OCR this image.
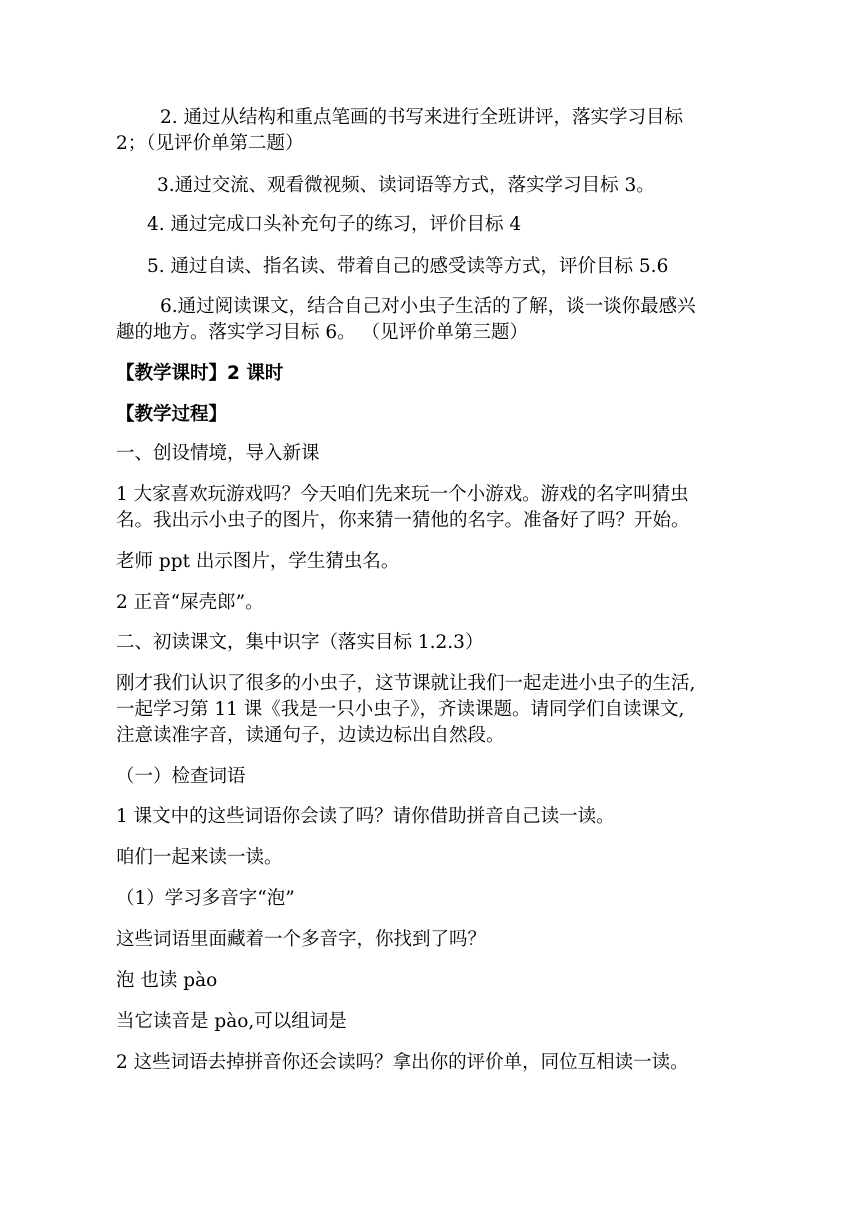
2. 通过从结构和重点笔画的书写来进行全班讲评，落实学习目标
2；（见评价单第二题）
3.通过交流、观看微视频、读词语等方式，落实学习目标 3。
4. 通过完成口头补充句子的练习，评价目标 4
5. 通过自读、指名读、带着自己的感受读等方式，评价目标 5.6
6.通过阅读课文，结合自己对小虫子生活的了解，谈一谈你最感兴
趣的地方。落实学习目标 6。 （见评价单第三题）
【教学课时】2 课时
【教学过程】
一、创设情境，导入新课
1 大家喜欢玩游戏吗？今天咱们先来玩一个小游戏。游戏的名字叫猜虫
名。我出示小虫子的图片，你来猜一猜他的名字。准备好了吗？开始。
老师 ppt 出示图片，学生猜虫名。
2 正音“屎壳郎”。
二、初读课文，集中识字（落实目标 1.2.3）
刚才我们认识了很多的小虫子，这节课就让我们一起走进小虫子的生活,
一起学习第 11 课《我是一只小虫子》，齐读课题。请同学们自读课文,
注意读准字音，读通句子，边读边标出自然段。
（一）检查词语
1 课文中的这些词语你会读了吗？请你借助拼音自己读一读。
咱们一起来读一读。
（1）学习多音字“泡”
这些词语里面藏着一个多音字，你找到了吗？
泡 也读 pào
当它读音是 pào,可以组词是
2 这些词语去掉拼音你还会读吗？拿出你的评价单，同位互相读一读。
